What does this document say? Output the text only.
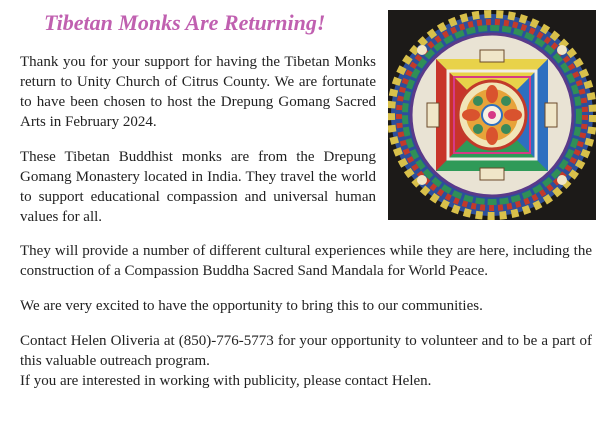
Tibetan Monks Are Returning!

Thank you for your support for having the Tibetan Monks return to Unity Church of Citrus County. We are fortunate to have been chosen to host the Drepung Gomang Sacred Arts in February 2024.

These Tibetan Buddhist monks are from the Drepung Gomang Monastery located in India. They travel the world to support educational compassion and universal human values for all.

They will provide a number of different cultural experiences while they are here, including the construction of a Compassion Buddha Sacred Sand Mandala for World Peace.

We are very excited to have the opportunity to bring this to our communities.

Contact Helen Oliveria at (850)-776-5773 for your opportunity to volunteer and to be a part of this valuable outreach program.

If you are interested in working with publicity, please contact Helen.
